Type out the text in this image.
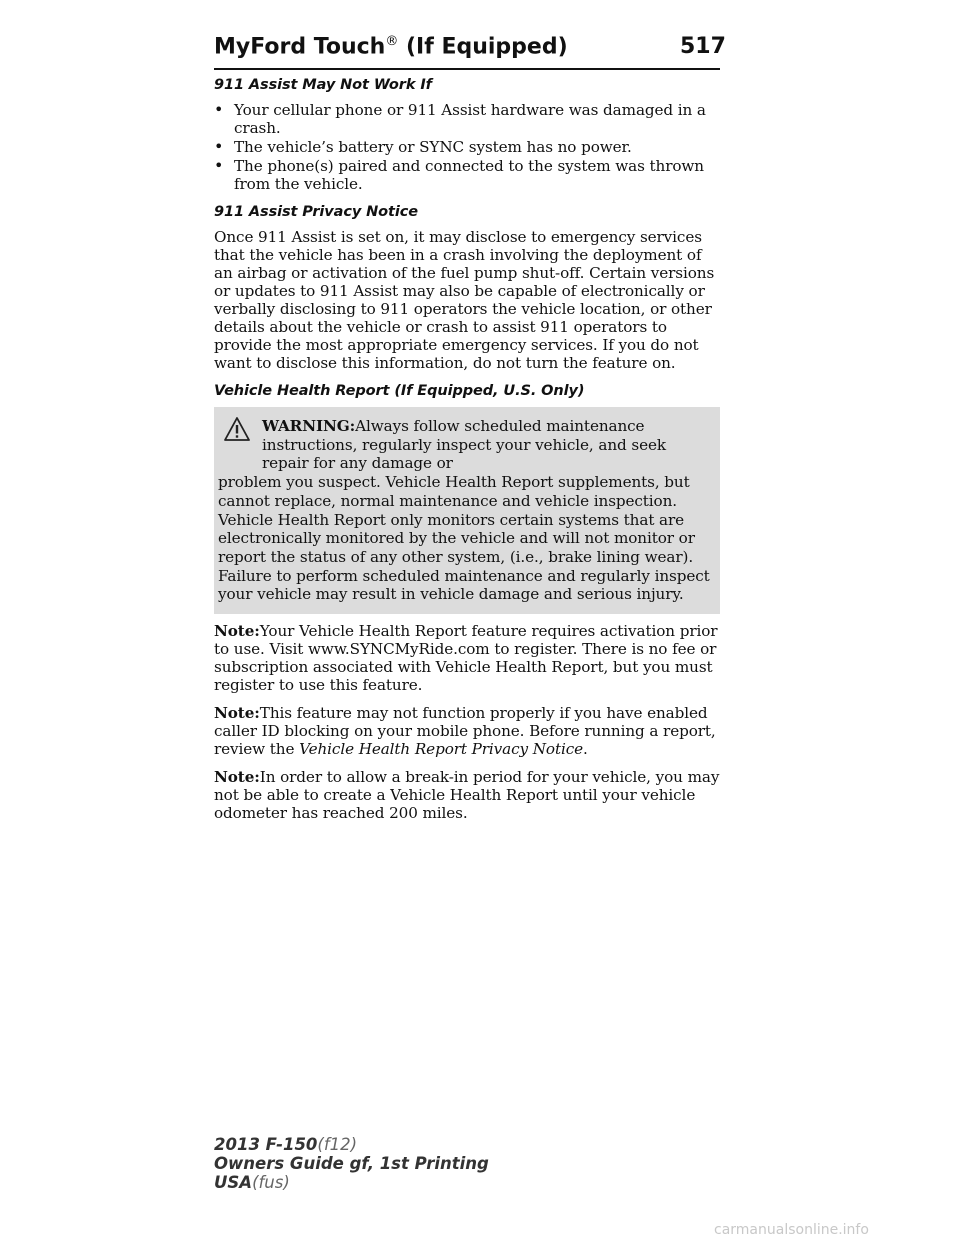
MyFord Touch® (If Equipped)	517
911 Assist May Not Work If
• Your cellular phone or 911 Assist hardware was damaged in a crash.
• The vehicle’s battery or SYNC system has no power.
• The phone(s) paired and connected to the system was thrown from the vehicle.
911 Assist Privacy Notice

Once 911 Assist is set on, it may disclose to emergency services that the vehicle has been in a crash involving the deployment of an airbag or activation of the fuel pump shut-off. Certain versions or updates to 911 Assist may also be capable of electronically or verbally disclosing to 911 operators the vehicle location, or other details about the vehicle or crash to assist 911 operators to provide the most appropriate emergency services. If you do not want to disclose this information, do not turn the feature on.

Vehicle Health Report (If Equipped, U.S. Only)
WARNING:Always follow scheduled maintenance instructions, regularly inspect your vehicle, and seek repair for any damage or
problem you suspect. Vehicle Health Report supplements, but cannot replace, normal maintenance and vehicle inspection. Vehicle Health Report only monitors certain systems that are electronically monitored by the vehicle and will not monitor or report the status of any other system, (i.e., brake lining wear). Failure to perform scheduled maintenance and regularly inspect your vehicle may result in vehicle damage and serious injury.

Note:Your Vehicle Health Report feature requires activation prior to use. Visit www.SYNCMyRide.com to register. There is no fee or subscription associated with Vehicle Health Report, but you must register to use this feature.

Note:This feature may not function properly if you have enabled caller ID blocking on your mobile phone. Before running a report, review the Vehicle Health Report Privacy Notice.

Note:In order to allow a break-in period for your vehicle, you may not be able to create a Vehicle Health Report until your vehicle odometer has reached 200 miles.

2013 F-150(f12)
Owners Guide gf, 1st Printing
USA(fus)
carmanualsonline.info
